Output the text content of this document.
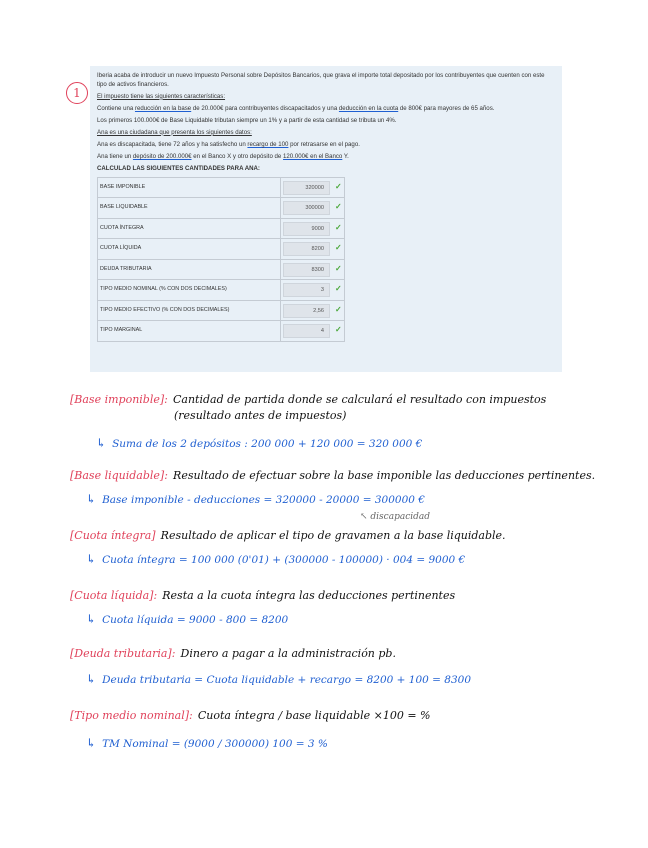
1

Iberia acaba de introducir un nuevo Impuesto Personal sobre Depósitos Bancarios, que grava el importe total depositado por los contribuyentes que cuenten con este tipo de activos financieros.

El impuesto tiene las siguientes características:

Contiene una reducción en la base de 20.000€ para contribuyentes discapacitados y una deducción en la cuota de 800€ para mayores de 65 años.

Los primeros 100.000€ de Base Liquidable tributan siempre un 1% y a partir de esta cantidad se tributa un 4%.

Ana es una ciudadana que presenta los siguientes datos:

Ana es discapacitada, tiene 72 años y ha satisfecho un recargo de 100 por retrasarse en el pago.

Ana tiene un depósito de 200.000€ en el Banco X y otro depósito de 120.000€ en el Banco Y.

CALCULAD LAS SIGUIENTES CANTIDADES PARA ANA:

BASE IMPONIBLE	320000 ✓
BASE LIQUIDABLE	300000 ✓
CUOTA ÍNTEGRA	9000 ✓
CUOTA LÍQUIDA	8200 ✓
DEUDA TRIBUTARIA	8300 ✓
TIPO MEDIO NOMINAL (% CON DOS DECIMALES)	3 ✓
TIPO MEDIO EFECTIVO (% CON DOS DECIMALES)	2,56 ✓
TIPO MARGINAL	4 ✓
[Base imponible]: Cantidad de partida donde se calculará el resultado con impuestos
(resultado antes de impuestos)
↳ Suma de los 2 depósitos : 200 000 + 120 000 = 320 000 €
[Base liquidable]: Resultado de efectuar sobre la base imponible las deducciones pertinentes.
↳ Base imponible - deducciones = 320000 - 20000 = 300000 €
↖ discapacidad
[Cuota íntegra] Resultado de aplicar el tipo de gravamen a la base liquidable.
↳ Cuota íntegra = 100 000 (0'01) + (300000 - 100000) · 004 = 9000 €
[Cuota líquida]: Resta a la cuota íntegra las deducciones pertinentes
↳ Cuota líquida = 9000 - 800 = 8200
[Deuda tributaria]: Dinero a pagar a la administración pb.
↳ Deuda tributaria = Cuota liquidable + recargo = 8200 + 100 = 8300
[Tipo medio nominal]: Cuota íntegra / base liquidable ×100 = %
↳ TM Nominal = (9000 / 300000) 100 = 3 %
